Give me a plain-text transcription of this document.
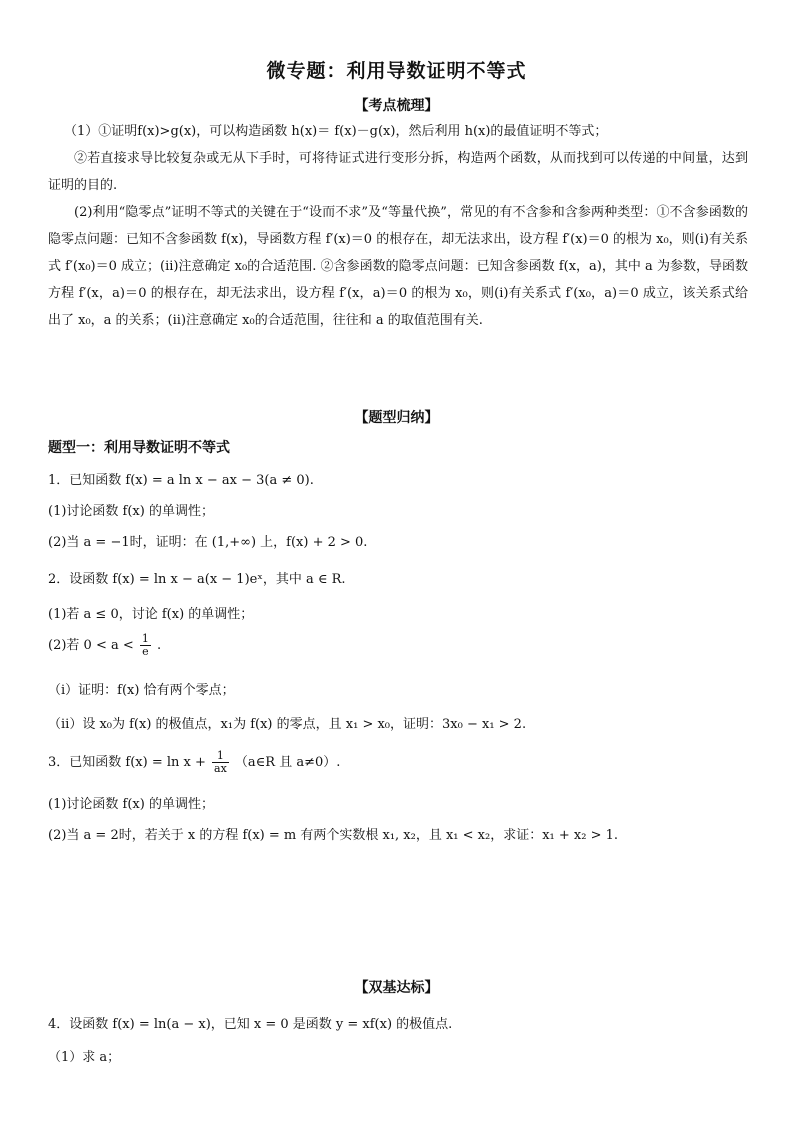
微专题：利用导数证明不等式
【考点梳理】
（1）①证明f(x)>g(x)，可以构造函数 h(x)＝ f(x)－g(x)，然后利用 h(x)的最值证明不等式；
②若直接求导比较复杂或无从下手时，可将待证式进行变形分拆，构造两个函数，从而找到可以传递的中间量，达到证明的目的.
(2)利用“隐零点”证明不等式的关键在于“设而不求”及“等量代换”，常见的有不含参和含参两种类型：①不含参函数的隐零点问题：已知不含参函数 f(x)，导函数方程 f′(x)＝0 的根存在，却无法求出，设方程 f′(x)＝0 的根为 x₀，则(i)有关系式 f′(x₀)＝0 成立；(ii)注意确定 x₀的合适范围. ②含参函数的隐零点问题：已知含参函数 f(x，a)，其中 a 为参数，导函数方程 f′(x，a)＝0 的根存在，却无法求出，设方程 f′(x，a)＝0 的根为 x₀，则(i)有关系式 f′(x₀，a)＝0 成立，该关系式给出了 x₀，a 的关系；(ii)注意确定 x₀的合适范围，往往和 a 的取值范围有关.
【题型归纳】
题型一：利用导数证明不等式
1．已知函数 f(x) = a ln x − ax − 3(a ≠ 0).
(1)讨论函数 f(x) 的单调性；
(2)当 a = −1时，证明：在 (1,+∞) 上，f(x) + 2 > 0.
2．设函数 f(x) = ln x − a(x − 1)eˣ，其中 a ∈ R.
(1)若 a ≤ 0，讨论 f(x) 的单调性；
(2)若 $0 < a < \frac{1}{e}$ .
（ⅰ）证明：f(x) 恰有两个零点；
（ⅱ）设 x₀为 f(x) 的极值点，x₁为 f(x) 的零点，且 x₁ > x₀，证明：3x₀ − x₁ > 2.
3．已知函数 $f(x) = \ln x + \frac{1}{ax}$ （a∈R 且 a≠0）.
(1)讨论函数 f(x) 的单调性；
(2)当 a = 2时，若关于 x 的方程 f(x) = m 有两个实数根 x₁, x₂，且 x₁ < x₂，求证：x₁ + x₂ > 1.
【双基达标】
4．设函数 f(x) = ln(a − x)，已知 x = 0 是函数 y = xf(x) 的极值点.
（1）求 a；
